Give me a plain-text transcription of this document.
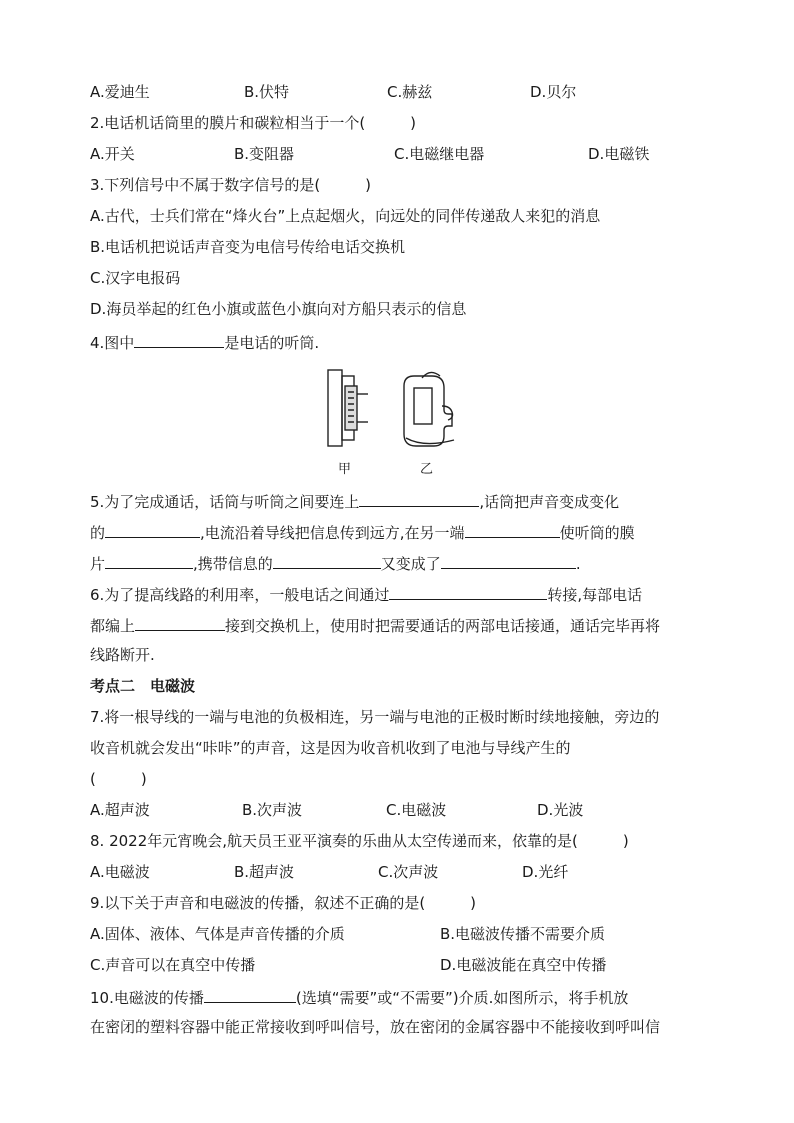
A.爱迪生	B.伏特	C.赫兹	D.贝尔
2.电话机话筒里的膜片和碳粒相当于一个(　　　)
A.开关	B.变阻器	C.电磁继电器	D.电磁铁
3.下列信号中不属于数字信号的是(　　　)
A.古代，士兵们常在“烽火台”上点起烟火，向远处的同伴传递敌人来犯的消息
B.电话机把说话声音变为电信号传给电话交换机
C.汉字电报码
D.海员举起的红色小旗或蓝色小旗向对方船只表示的信息
4.图中	是电话的听筒.
甲	乙
5.为了完成通话，话筒与听筒之间要连上	,话筒把声音变成变化
的	,电流沿着导线把信息传到远方,在另一端	使听筒的膜
片	,携带信息的	又变成了	.
6.为了提高线路的利用率，一般电话之间通过	转接,每部电话
都编上	接到交换机上，使用时把需要通话的两部电话接通，通话完毕再将
线路断开.
考点二　电磁波
7.将一根导线的一端与电池的负极相连，另一端与电池的正极时断时续地接触，旁边的
收音机就会发出“咔咔”的声音，这是因为收音机收到了电池与导线产生的
(　　　)
A.超声波	B.次声波	C.电磁波	D.光波
8. 2022年元宵晚会,航天员王亚平演奏的乐曲从太空传递而来，依靠的是(　　　)
A.电磁波	B.超声波	C.次声波	D.光纤
9.以下关于声音和电磁波的传播，叙述不正确的是(　　　)
A.固体、液体、气体是声音传播的介质	B.电磁波传播不需要介质
C.声音可以在真空中传播	D.电磁波能在真空中传播
10.电磁波的传播	(选填“需要”或“不需要”)介质.如图所示，将手机放
在密闭的塑料容器中能正常接收到呼叫信号，放在密闭的金属容器中不能接收到呼叫信
